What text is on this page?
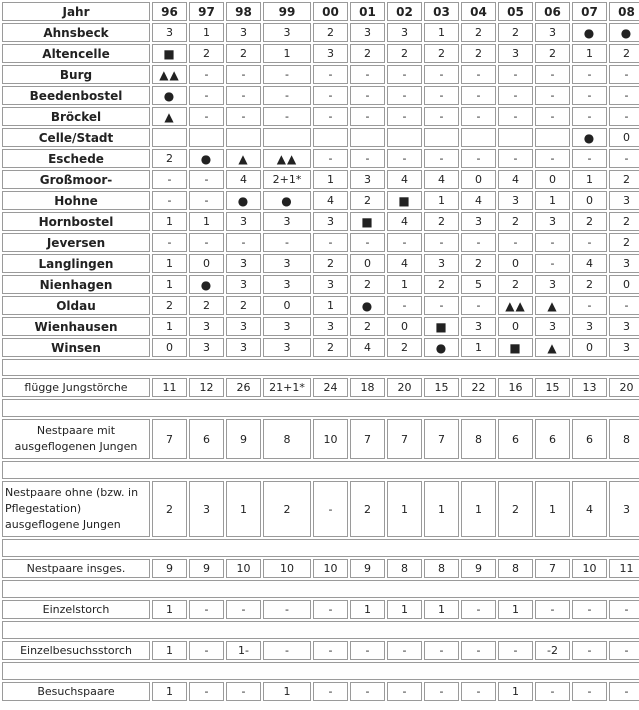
Jahr	96	97	98	99	00	01	02	03	04	05	06	07	08
Ahnsbeck	3	1	3	3	2	3	3	1	2	2	3	●	●
Altencelle	■	2	2	1	3	2	2	2	2	3	2	1	2
Burg	▲▲	-	-	-	-	-	-	-	-	-	-	-	-
Beedenbostel	●	-	-	-	-	-	-	-	-	-	-	-	-
Bröckel	▲	-	-	-	-	-	-	-	-	-	-	-	-
Celle/Stadt												●	0
Eschede	2	●	▲	▲▲	-	-	-	-	-	-	-	-	-
Großmoor-	-	-	4	2+1*	1	3	4	4	0	4	0	1	2
Hohne	-	-	●	●	4	2	■	1	4	3	1	0	3
Hornbostel	1	1	3	3	3	■	4	2	3	2	3	2	2
Jeversen	-	-	-	-	-	-	-	-	-	-	-	-	2
Langlingen	1	0	3	3	2	0	4	3	2	0	-	4	3
Nienhagen	1	●	3	3	3	2	1	2	5	2	3	2	0
Oldau	2	2	2	0	1	●	-	-	-	▲▲	▲	-	-
Wienhausen	1	3	3	3	3	2	0	■	3	0	3	3	3
Winsen	0	3	3	3	2	4	2	●	1	■	▲	0	3

flügge Jungstörche	11	12	26	21+1*	24	18	20	15	22	16	15	13	20

Nestpaare mit ausgeflogenen Jungen	7	6	9	8	10	7	7	7	8	6	6	6	8

Nestpaare ohne (bzw. in Pflegestation) ausgeflogene Jungen	2	3	1	2	-	2	1	1	1	2	1	4	3

Nestpaare insges.	9	9	10	10	10	9	8	8	9	8	7	10	11

Einzelstorch	1	-	-	-	-	1	1	1	-	1	-	-	-

Einzelbesuchsstorch	1	-	1-	-	-	-	-	-	-	-	-2	-	-

Besuchspaare	1	-	-	1	-	-	-	-	-	1	-	-	-
